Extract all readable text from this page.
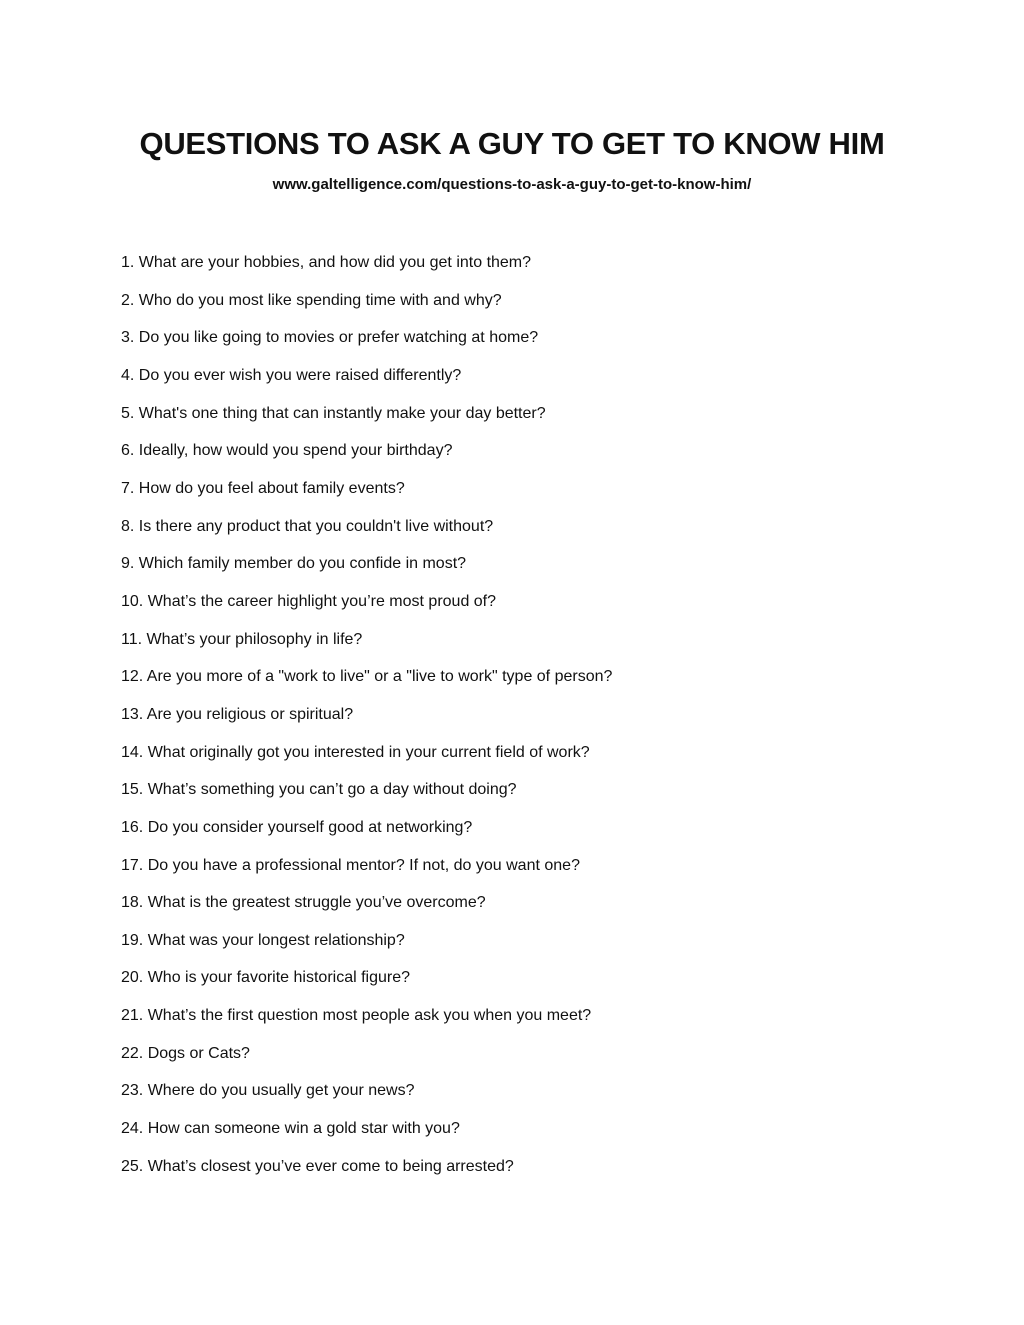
QUESTIONS TO ASK A GUY TO GET TO KNOW HIM
www.galtelligence.com/questions-to-ask-a-guy-to-get-to-know-him/
1. What are your hobbies, and how did you get into them?
2. Who do you most like spending time with and why?
3. Do you like going to movies or prefer watching at home?
4. Do you ever wish you were raised differently?
5. What's one thing that can instantly make your day better?
6. Ideally, how would you spend your birthday?
7. How do you feel about family events?
8. Is there any product that you couldn't live without?
9. Which family member do you confide in most?
10. What’s the career highlight you’re most proud of?
11. What’s your philosophy in life?
12. Are you more of a "work to live" or a "live to work" type of person?
13. Are you religious or spiritual?
14. What originally got you interested in your current field of work?
15. What’s something you can’t go a day without doing?
16. Do you consider yourself good at networking?
17. Do you have a professional mentor? If not, do you want one?
18. What is the greatest struggle you’ve overcome?
19. What was your longest relationship?
20. Who is your favorite historical figure?
21. What’s the first question most people ask you when you meet?
22. Dogs or Cats?
23. Where do you usually get your news?
24. How can someone win a gold star with you?
25. What’s closest you’ve ever come to being arrested?
